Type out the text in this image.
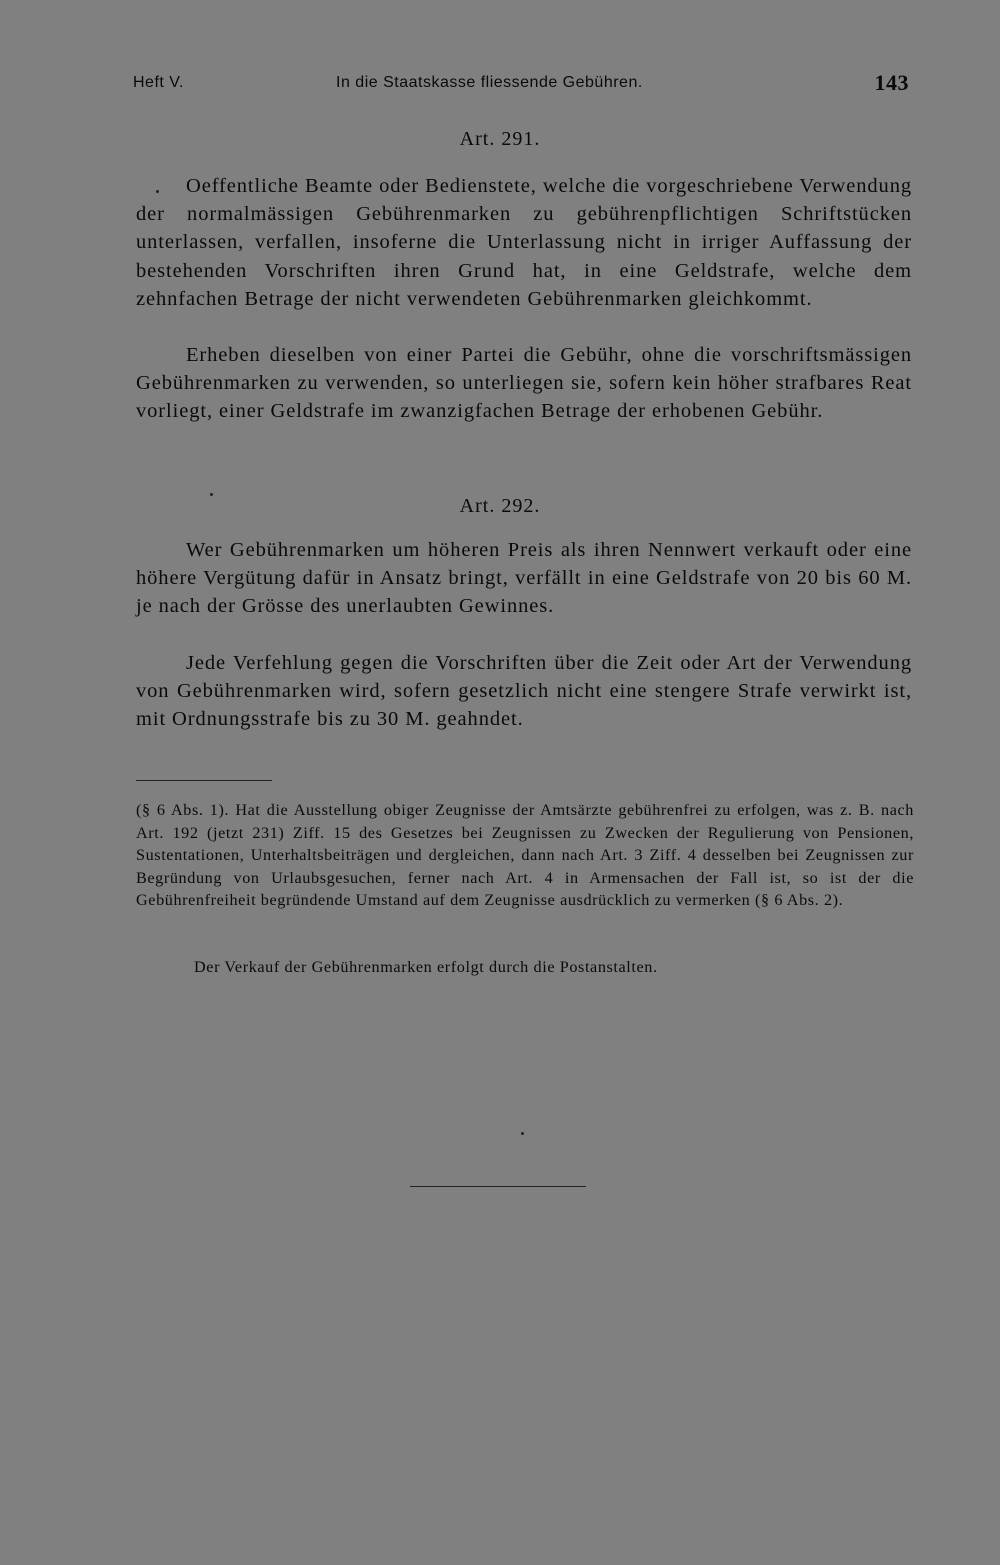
Heft V.	In die Staatskasse fliessende Gebühren.	143
Art. 291.

Oeffentliche Beamte oder Bedienstete, welche die vorgeschriebene Verwendung der normalmässigen Gebührenmarken zu gebührenpflichtigen Schriftstücken unterlassen, verfallen, insoferne die Unterlassung nicht in irriger Auffassung der bestehenden Vorschriften ihren Grund hat, in eine Geldstrafe, welche dem zehnfachen Betrage der nicht verwendeten Gebührenmarken gleichkommt.

Erheben dieselben von einer Partei die Gebühr, ohne die vorschriftsmässigen Gebührenmarken zu verwenden, so unterliegen sie, sofern kein höher strafbares Reat vorliegt, einer Geldstrafe im zwanzigfachen Betrage der erhobenen Gebühr.

Art. 292.

Wer Gebührenmarken um höheren Preis als ihren Nennwert verkauft oder eine höhere Vergütung dafür in Ansatz bringt, verfällt in eine Geldstrafe von 20 bis 60 M. je nach der Grösse des unerlaubten Gewinnes.

Jede Verfehlung gegen die Vorschriften über die Zeit oder Art der Verwendung von Gebührenmarken wird, sofern gesetzlich nicht eine stengere Strafe verwirkt ist, mit Ordnungsstrafe bis zu 30 M. geahndet.

(§ 6 Abs. 1). Hat die Ausstellung obiger Zeugnisse der Amtsärzte gebührenfrei zu erfolgen, was z. B. nach Art. 192 (jetzt 231) Ziff. 15 des Gesetzes bei Zeugnissen zu Zwecken der Regulierung von Pensionen, Sustentationen, Unterhaltsbeiträgen und dergleichen, dann nach Art. 3 Ziff. 4 desselben bei Zeugnissen zur Begründung von Urlaubsgesuchen, ferner nach Art. 4 in Armensachen der Fall ist, so ist der die Gebührenfreiheit begründende Umstand auf dem Zeugnisse ausdrücklich zu vermerken (§ 6 Abs. 2).

Der Verkauf der Gebührenmarken erfolgt durch die Postanstalten.
